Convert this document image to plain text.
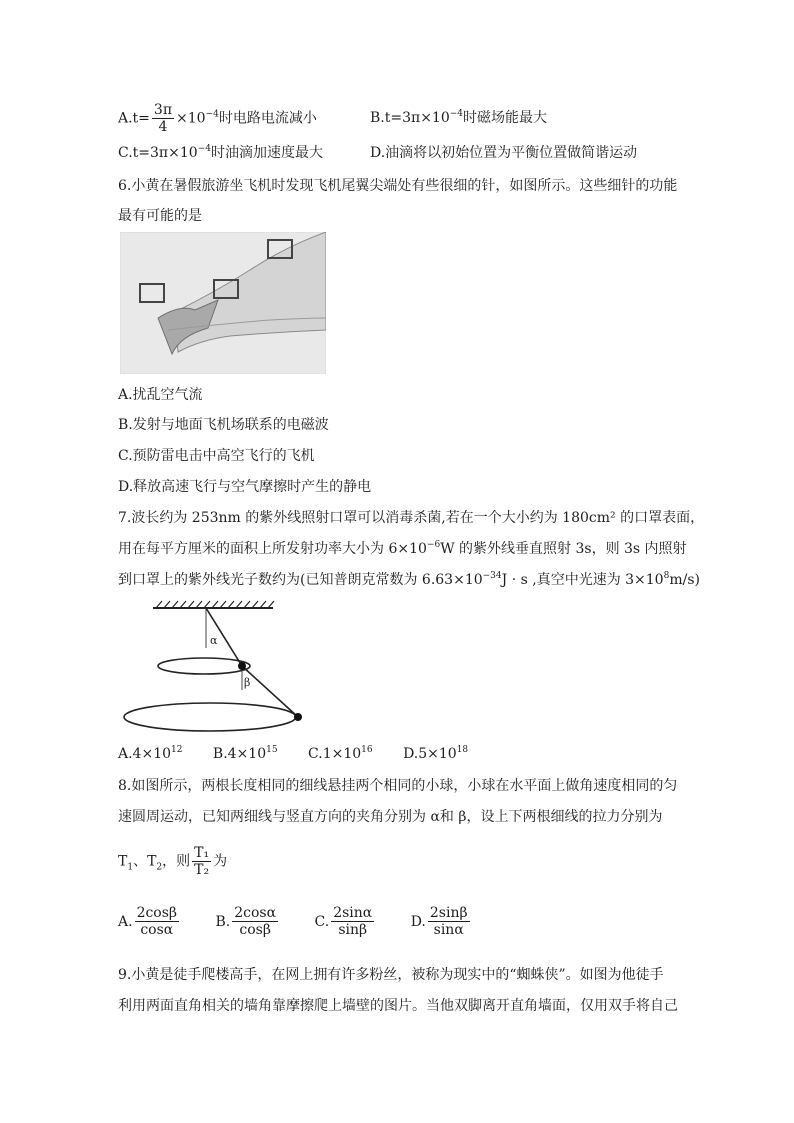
$A.t= \frac{3\pi}{4} \times 10^{-4}$时电路电流减小	$B.t=3\pi\times 10^{-4}$时磁场能最大
$C.t=3\pi\times 10^{-4}$时油滴加速度最大	D.油滴将以初始位置为平衡位置做简谐运动
6.小黄在暑假旅游坐飞机时发现飞机尾翼尖端处有些很细的针，如图所示。这些细针的功能
最有可能的是
A.扰乱空气流
B.发射与地面飞机场联系的电磁波
C.预防雷电击中高空飞行的飞机
D.释放高速飞行与空气摩擦时产生的静电
7.波长约为 253nm 的紫外线照射口罩可以消毒杀菌,若在一个大小约为 180cm² 的口罩表面，
用在每平方厘米的面积上所发射功率大小为 $6\times 10^{-6}W$ 的紫外线垂直照射 3s，则 3s 内照射
到口罩上的紫外线光子数约为(已知普朗克常数为 $6.63\times 10^{-34}J \cdot s$ ,真空中光速为 $3\times 10^8m/s$)
α
β
$A.4\times 10^{12}$ $B.4\times 10^{15}$ $C.1\times 10^{16}$ $D.5\times 10^{18}$
8.如图所示，两根长度相同的细线悬挂两个相同的小球，小球在水平面上做角速度相同的匀
速圆周运动，已知两细线与竖直方向的夹角分别为 α和 β，设上下两根细线的拉力分别为
$T_1$、$T_2$，则 $\frac{\text{T₁}}{\text{T₂}}$ 为
A. $\frac{2\cos\beta}{\cos\alpha}$	B. $\frac{2\cos\alpha}{\cos\beta}$	C. $\frac{2\sin\alpha}{\sin\beta}$	D. $\frac{2\sin\beta}{\sin\alpha}$
9.小黄是徒手爬楼高手，在网上拥有许多粉丝，被称为现实中的“蜘蛛侠”。如图为他徒手
利用两面直角相关的墙角靠摩擦爬上墙壁的图片。当他双脚离开直角墙面，仅用双手将自己
